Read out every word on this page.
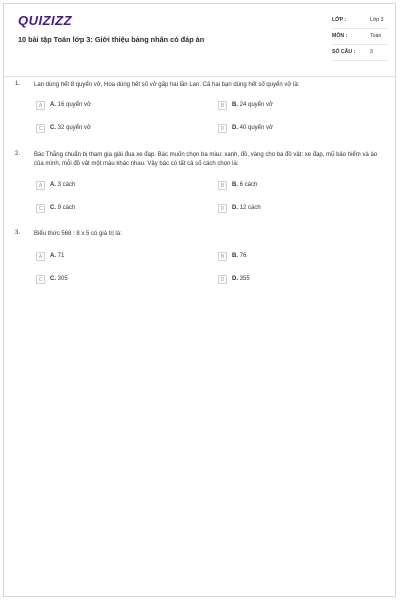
QUIZIZZ
10 bài tập Toán lớp 3: Giới thiệu bảng nhân có đáp án
LỚP :	Lớp 3
MÔN :	Toán
SỐ CÂU :	3
1. Lan dùng hết 8 quyển vở, Hoa dùng hết số vở gấp hai lần Lan. Cả hai bạn dùng hết số quyển vở là:
A	A. 16 quyển vở	B	B. 24 quyển vở
C	C. 32 quyển vở	D	D. 40 quyển vở
2. Bác Thắng chuẩn bị tham gia giải đua xe đạp. Bác muốn chọn ba màu: xanh, đỏ, vàng cho ba đồ vật: xe đạp, mũ bảo hiểm và áo của mình, mỗi đồ vật một màu khác nhau. Vậy bác có tất cả số cách chọn là:
A	A. 3 cách	B	B. 6 cách
C	C. 9 cách	D	D. 12 cách
3. Biểu thức 568 : 8 x 5 có giá trị là:
A	A. 71	B	B. 76
C	C. 305	D	D. 355
